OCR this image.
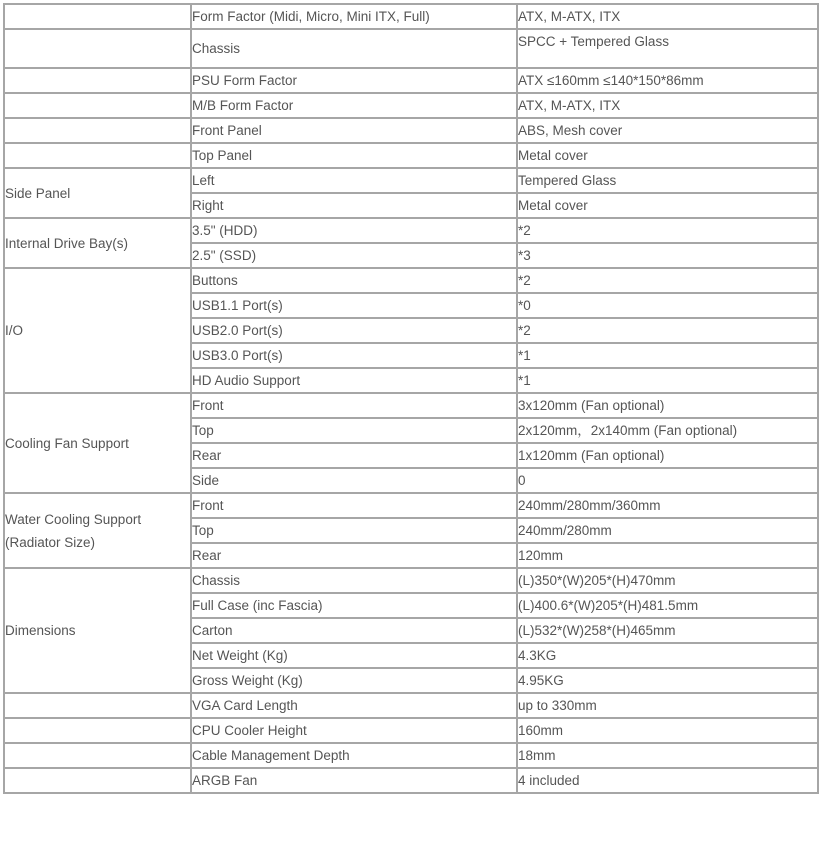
	Form Factor (Midi, Micro, Mini ITX, Full)	ATX, M-ATX, ITX
	Chassis	SPCC + Tempered Glass
	PSU Form Factor	ATX ≤160mm ≤140*150*86mm
	M/B Form Factor	ATX, M-ATX, ITX
	Front Panel	ABS, Mesh cover
	Top Panel	Metal cover
Side Panel	Left	Tempered Glass
	Right	Metal cover
Internal Drive Bay(s)	3.5" (HDD)	*2
	2.5" (SSD)	*3
I/O	Buttons	*2
	USB1.1 Port(s)	*0
	USB2.0 Port(s)	*2
	USB3.0 Port(s)	*1
	HD Audio Support	*1
Cooling Fan Support	Front	3x120mm (Fan optional)
	Top	2x120mm，2x140mm (Fan optional)
	Rear	1x120mm (Fan optional)
	Side	0

Water Cooling Support
(Radiator Size)	Front	240mm/280mm/360mm
	Top	240mm/280mm
	Rear	120mm
Dimensions	Chassis	(L)350*(W)205*(H)470mm
	Full Case (inc Fascia)	(L)400.6*(W)205*(H)481.5mm
	Carton	(L)532*(W)258*(H)465mm
	Net Weight (Kg)	4.3KG
	Gross Weight (Kg)	4.95KG
	VGA Card Length	up to 330mm
	CPU Cooler Height	160mm
	Cable Management Depth	18mm
	ARGB Fan	4 included
